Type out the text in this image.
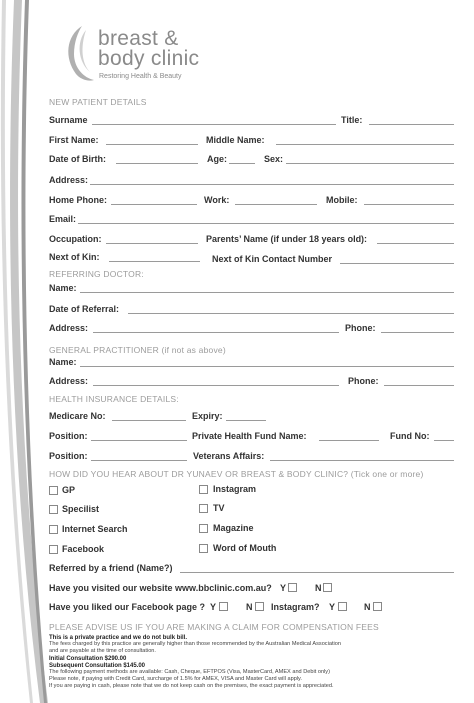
breast &
body clinic
Restoring Health & Beauty
NEW PATIENT DETAILS
Surname	Title:
First Name:	Middle Name:
Date of Birth:	Age:	Sex:
Address:
Home Phone:	Work:	Mobile:
Email:
Occupation:	Parents’ Name (if under 18 years old):
Next of Kin:	Next of Kin Contact Number
REFERRING DOCTOR:
Name:
Date of Referral:
Address:	Phone:
GENERAL PRACTITIONER (if not as above)
Name:
Address:	Phone:
HEALTH INSURANCE DETAILS:
Medicare No:	Expiry:
Position:	Private Health Fund Name:	Fund No:
Position:	Veterans Affairs:
HOW DID YOU HEAR ABOUT DR YUNAEV OR BREAST & BODY CLINIC? (Tick one or more)
GP
Specilist
Internet Search
Facebook
Instagram
TV
Magazine
Word of Mouth
Referred by a friend (Name?)
Have you visited our website www.bbclinic.com.au? Y	N
Have you liked our Facebook page ? Y	N Instagram? Y	N
PLEASE ADVISE US IF YOU ARE MAKING A CLAIM FOR COMPENSATION FEES
This is a private practice and we do not bulk bill.
The fees charged by this practice are generally higher than those recommended by the Australian Medical Association
and are payable at the time of consultation.
Initial Consultation $290.00
Subsequent Consultation $145.00
The following payment methods are available: Cash, Cheque, EFTPOS (Visa, MasterCard, AMEX and Debit only)
Please note, if paying with Credit Card, surcharge of 1.5% for AMEX, VISA and Master Card will apply.
If you are paying in cash, please note that we do not keep cash on the premises, the exact payment is appreciated.
